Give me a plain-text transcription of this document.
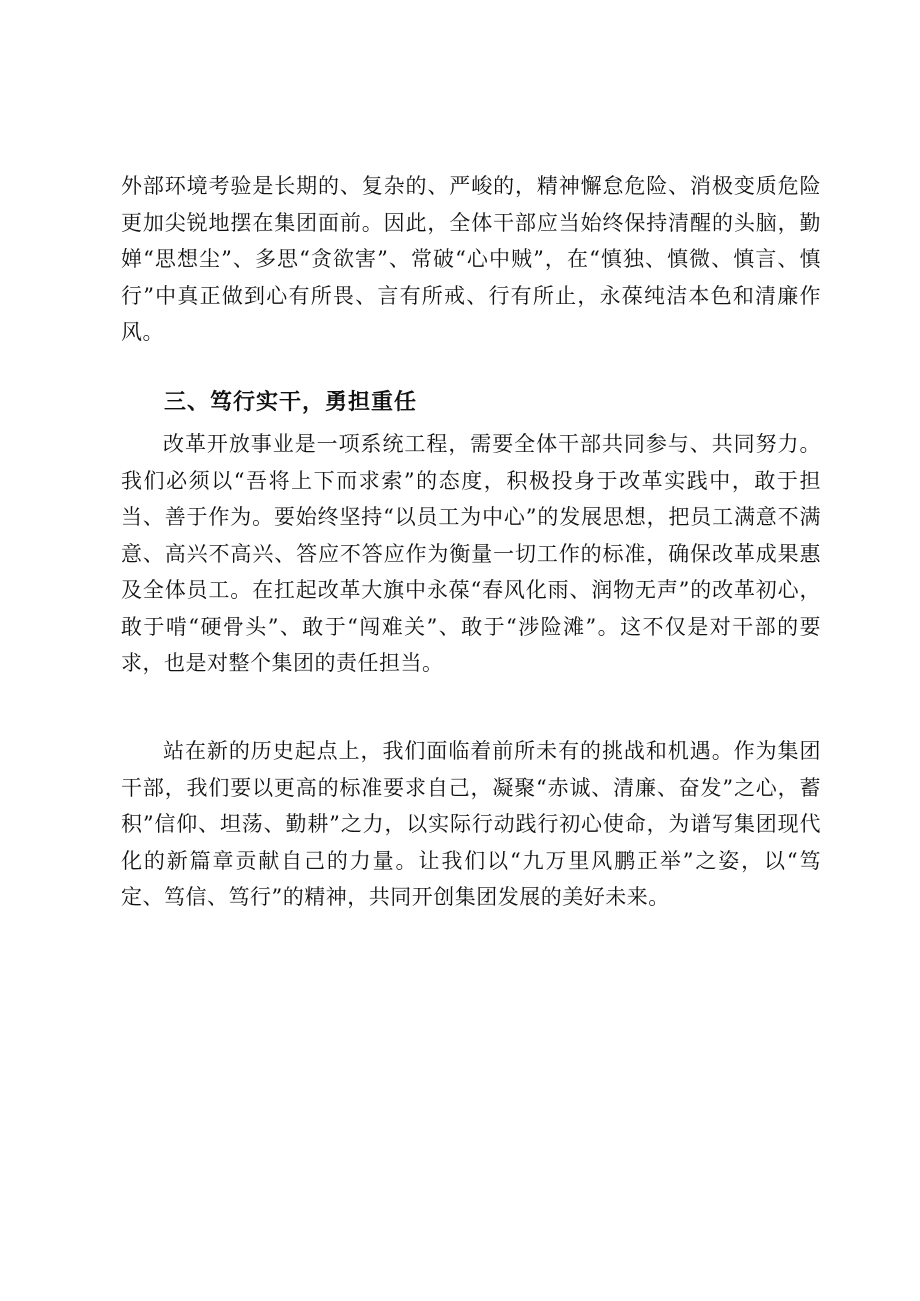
外部环境考验是长期的、复杂的、严峻的，精神懈怠危险、消极变质危险更加尖锐地摆在集团面前。因此，全体干部应当始终保持清醒的头脑，勤婵“思想尘”、多思“贪欲害”、常破“心中贼”，在“慎独、慎微、慎言、慎行”中真正做到心有所畏、言有所戒、行有所止，永葆纯洁本色和清廉作风。

三、笃行实干，勇担重任

改革开放事业是一项系统工程，需要全体干部共同参与、共同努力。我们必须以“吾将上下而求索”的态度，积极投身于改革实践中，敢于担当、善于作为。要始终坚持“以员工为中心”的发展思想，把员工满意不满意、高兴不高兴、答应不答应作为衡量一切工作的标准，确保改革成果惠及全体员工。在扛起改革大旗中永葆“春风化雨、润物无声”的改革初心，敢于啃“硬骨头”、敢于“闯难关”、敢于“涉险滩”。这不仅是对干部的要求，也是对整个集团的责任担当。

站在新的历史起点上，我们面临着前所未有的挑战和机遇。作为集团干部，我们要以更高的标准要求自己，凝聚“赤诚、清廉、奋发”之心，蓄积”信仰、坦荡、勤耕”之力，以实际行动践行初心使命，为谱写集团现代化的新篇章贡献自己的力量。让我们以“九万里风鹏正举”之姿，以“笃定、笃信、笃行”的精神，共同开创集团发展的美好未来。
